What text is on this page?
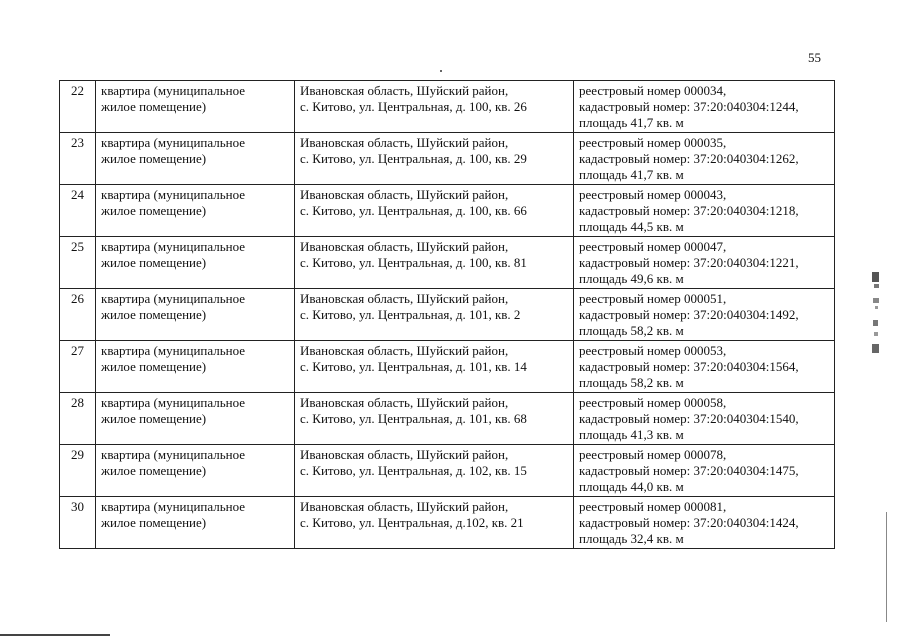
55
22	квартира (муниципальное
жилое помещение)	Ивановская область, Шуйский район,
с. Китово, ул. Центральная, д. 100, кв. 26	реестровый номер 000034,
кадастровый номер: 37:20:040304:1244,
площадь 41,7 кв. м

23	квартира (муниципальное
жилое помещение)	Ивановская область, Шуйский район,
с. Китово, ул. Центральная, д. 100, кв. 29	реестровый номер 000035,
кадастровый номер: 37:20:040304:1262,
площадь 41,7 кв. м

24	квартира (муниципальное
жилое помещение)	Ивановская область, Шуйский район,
с. Китово, ул. Центральная, д. 100, кв. 66	реестровый номер 000043,
кадастровый номер: 37:20:040304:1218,
площадь 44,5 кв. м

25	квартира (муниципальное
жилое помещение)	Ивановская область, Шуйский район,
с. Китово, ул. Центральная, д. 100, кв. 81	реестровый номер 000047,
кадастровый номер: 37:20:040304:1221,
площадь 49,6 кв. м

26	квартира (муниципальное
жилое помещение)	Ивановская область, Шуйский район,
с. Китово, ул. Центральная, д. 101, кв. 2	реестровый номер 000051,
кадастровый номер: 37:20:040304:1492,
площадь 58,2 кв. м

27	квартира (муниципальное
жилое помещение)	Ивановская область, Шуйский район,
с. Китово, ул. Центральная, д. 101, кв. 14	реестровый номер 000053,
кадастровый номер: 37:20:040304:1564,
площадь 58,2 кв. м

28	квартира (муниципальное
жилое помещение)	Ивановская область, Шуйский район,
с. Китово, ул. Центральная, д. 101, кв. 68	реестровый номер 000058,
кадастровый номер: 37:20:040304:1540,
площадь 41,3 кв. м

29	квартира (муниципальное
жилое помещение)	Ивановская область, Шуйский район,
с. Китово, ул. Центральная, д. 102, кв. 15	реестровый номер 000078,
кадастровый номер: 37:20:040304:1475,
площадь 44,0 кв. м

30	квартира (муниципальное
жилое помещение)	Ивановская область, Шуйский район,
с. Китово, ул. Центральная, д.102, кв. 21	реестровый номер 000081,
кадастровый номер: 37:20:040304:1424,
площадь 32,4 кв. м
